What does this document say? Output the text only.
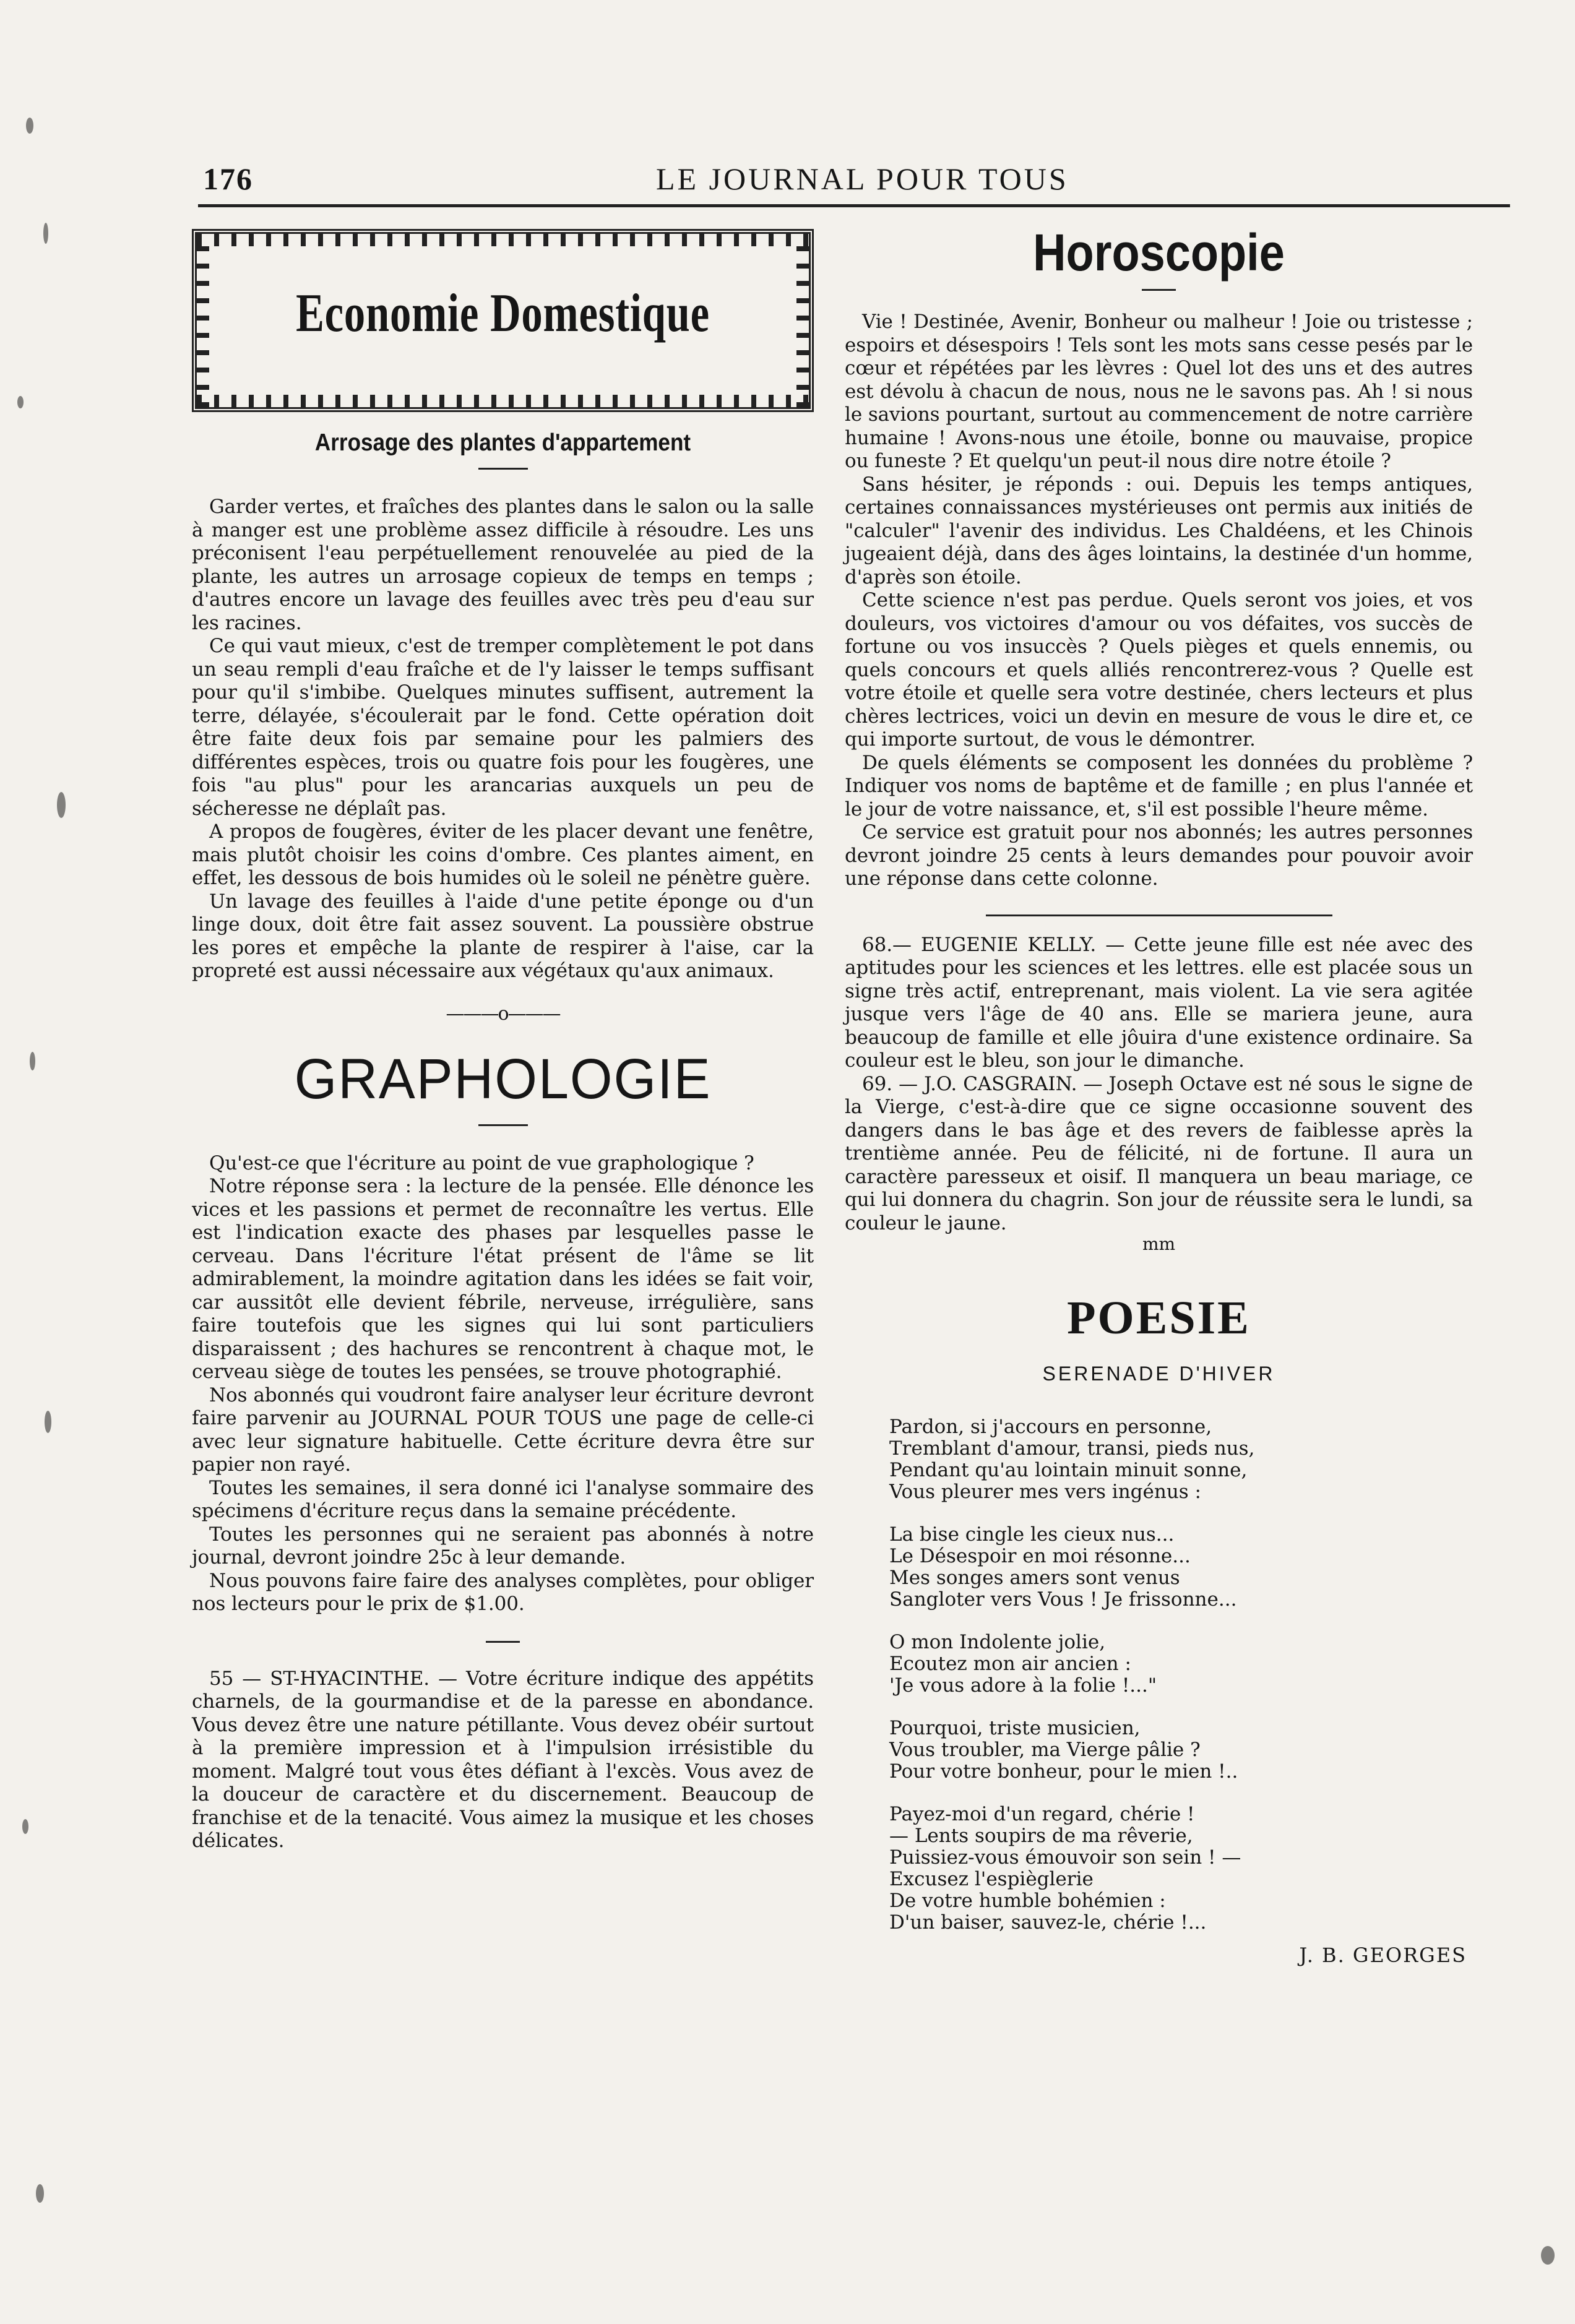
176	LE JOURNAL POUR TOUS
Economie Domestique
Arrosage des plantes d'appartement

Garder vertes, et fraîches des plantes dans le salon ou la salle à manger est une problème assez difficile à résoudre. Les uns préconisent l'eau perpétuellement renouvelée au pied de la plante, les autres un arrosage copieux de temps en temps ; d'autres encore un lavage des feuilles avec très peu d'eau sur les racines.

Ce qui vaut mieux, c'est de tremper complètement le pot dans un seau rempli d'eau fraîche et de l'y laisser le temps suffisant pour qu'il s'imbibe. Quelques minutes suffisent, autrement la terre, délayée, s'écoulerait par le fond. Cette opération doit être faite deux fois par semaine pour les palmiers des différentes espèces, trois ou quatre fois pour les fougères, une fois "au plus" pour les arancarias auxquels un peu de sécheresse ne déplaît pas.

A propos de fougères, éviter de les placer devant une fenêtre, mais plutôt choisir les coins d'ombre. Ces plantes aiment, en effet, les dessous de bois humides où le soleil ne pénètre guère.

Un lavage des feuilles à l'aide d'une petite éponge ou d'un linge doux, doit être fait assez souvent. La poussière obstrue les pores et empêche la plante de respirer à l'aise, car la propreté est aussi nécessaire aux végétaux qu'aux animaux.

———o———
GRAPHOLOGIE

Qu'est-ce que l'écriture au point de vue graphologique ?

Notre réponse sera : la lecture de la pensée. Elle dénonce les vices et les passions et permet de reconnaître les vertus. Elle est l'indication exacte des phases par lesquelles passe le cerveau. Dans l'écriture l'état présent de l'âme se lit admirablement, la moindre agitation dans les idées se fait voir, car aussitôt elle devient fébrile, nerveuse, irrégulière, sans faire toutefois que les signes qui lui sont particuliers disparaissent ; des hachures se rencontrent à chaque mot, le cerveau siège de toutes les pensées, se trouve photographié.

Nos abonnés qui voudront faire analyser leur écriture devront faire parvenir au JOURNAL POUR TOUS une page de celle-ci avec leur signature habituelle. Cette écriture devra être sur papier non rayé.

Toutes les semaines, il sera donné ici l'analyse sommaire des spécimens d'écriture reçus dans la semaine précédente.

Toutes les personnes qui ne seraient pas abonnés à notre journal, devront joindre 25c à leur demande.

Nous pouvons faire faire des analyses complètes, pour obliger nos lecteurs pour le prix de $1.00.

55 — ST-HYACINTHE. — Votre écriture indique des appétits charnels, de la gourmandise et de la paresse en abondance. Vous devez être une nature pétillante. Vous devez obéir surtout à la première impression et à l'impulsion irrésistible du moment. Malgré tout vous êtes défiant à l'excès. Vous avez de la douceur de caractère et du discernement. Beaucoup de franchise et de la tenacité. Vous aimez la musique et les choses délicates.

Horoscopie

Vie ! Destinée, Avenir, Bonheur ou malheur ! Joie ou tristesse ; espoirs et désespoirs ! Tels sont les mots sans cesse pesés par le cœur et répétées par les lèvres : Quel lot des uns et des autres est dévolu à chacun de nous, nous ne le savons pas. Ah ! si nous le savions pourtant, surtout au commencement de notre carrière humaine ! Avons-nous une étoile, bonne ou mauvaise, propice ou funeste ? Et quelqu'un peut-il nous dire notre étoile ?

Sans hésiter, je réponds : oui. Depuis les temps antiques, certaines connaissances mystérieuses ont permis aux initiés de "calculer" l'avenir des individus. Les Chaldéens, et les Chinois jugeaient déjà, dans des âges lointains, la destinée d'un homme, d'après son étoile.

Cette science n'est pas perdue. Quels seront vos joies, et vos douleurs, vos victoires d'amour ou vos défaites, vos succès de fortune ou vos insuccès ? Quels pièges et quels ennemis, ou quels concours et quels alliés rencontrerez-vous ? Quelle est votre étoile et quelle sera votre destinée, chers lecteurs et plus chères lectrices, voici un devin en mesure de vous le dire et, ce qui importe surtout, de vous le démontrer.

De quels éléments se composent les données du problème ? Indiquer vos noms de baptême et de famille ; en plus l'année et le jour de votre naissance, et, s'il est possible l'heure même.

Ce service est gratuit pour nos abonnés; les autres personnes devront joindre 25 cents à leurs demandes pour pouvoir avoir une réponse dans cette colonne.

68.— EUGENIE KELLY. — Cette jeune fille est née avec des aptitudes pour les sciences et les lettres. elle est placée sous un signe très actif, entreprenant, mais violent. La vie sera agitée jusque vers l'âge de 40 ans. Elle se mariera jeune, aura beaucoup de famille et elle jôuira d'une existence ordinaire. Sa couleur est le bleu, son jour le dimanche.

69. — J.O. CASGRAIN. — Joseph Octave est né sous le signe de la Vierge, c'est-à-dire que ce signe occasionne souvent des dangers dans le bas âge et des revers de faiblesse après la trentième année. Peu de félicité, ni de fortune. Il aura un caractère paresseux et oisif. Il manquera un beau mariage, ce qui lui donnera du chagrin. Son jour de réussite sera le lundi, sa couleur le jaune.

mm
POESIE
SERENADE D'HIVER
Pardon, si j'accours en personne,
Tremblant d'amour, transi, pieds nus,
Pendant qu'au lointain minuit sonne,
Vous pleurer mes vers ingénus :
La bise cingle les cieux nus...
Le Désespoir en moi résonne...
Mes songes amers sont venus
Sangloter vers Vous ! Je frissonne...
O mon Indolente jolie,
Ecoutez mon air ancien :
'Je vous adore à la folie !..."
Pourquoi, triste musicien,
Vous troubler, ma Vierge pâlie ?
Pour votre bonheur, pour le mien !..
Payez-moi d'un regard, chérie !
— Lents soupirs de ma rêverie,
Puissiez-vous émouvoir son sein ! —
Excusez l'espièglerie
De votre humble bohémien :
D'un baiser, sauvez-le, chérie !...
J. B. GEORGES
